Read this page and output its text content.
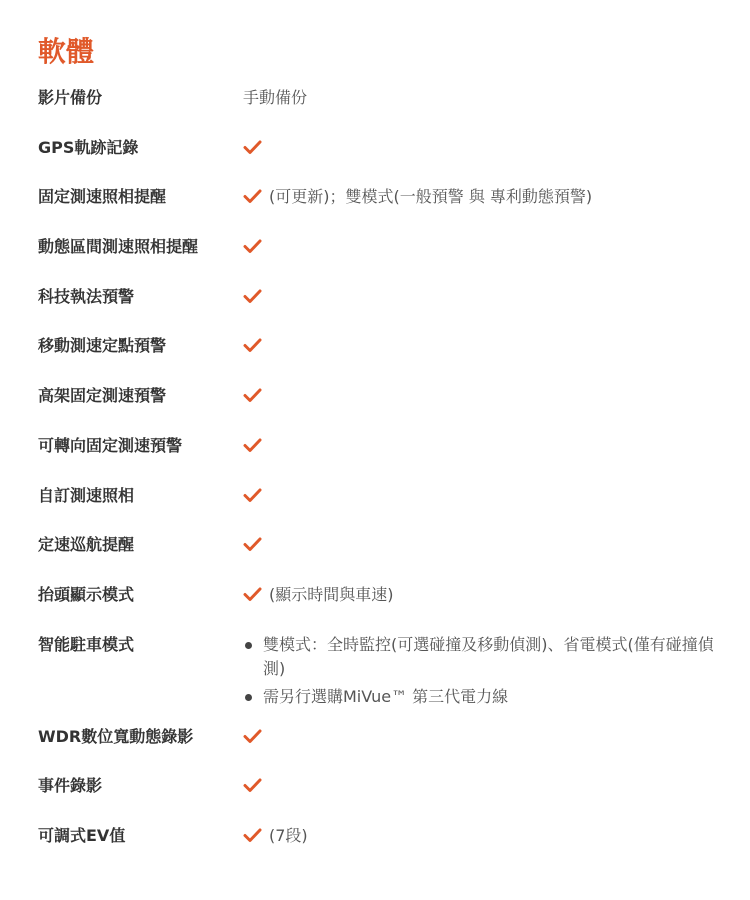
軟體
影片備份	手動備份
GPS軌跡記錄
固定測速照相提醒	(可更新)；雙模式(一般預警 與 專利動態預警)
動態區間測速照相提醒
科技執法預警
移動測速定點預警
高架固定測速預警
可轉向固定測速預警
自訂測速照相
定速巡航提醒
抬頭顯示模式	(顯示時間與車速)
智能駐車模式	雙模式：全時監控(可選碰撞及移動偵測)、省電模式(僅有碰撞偵測)
需另行選購MiVue™ 第三代電力線
WDR數位寬動態錄影
事件錄影
可調式EV值	(7段)
